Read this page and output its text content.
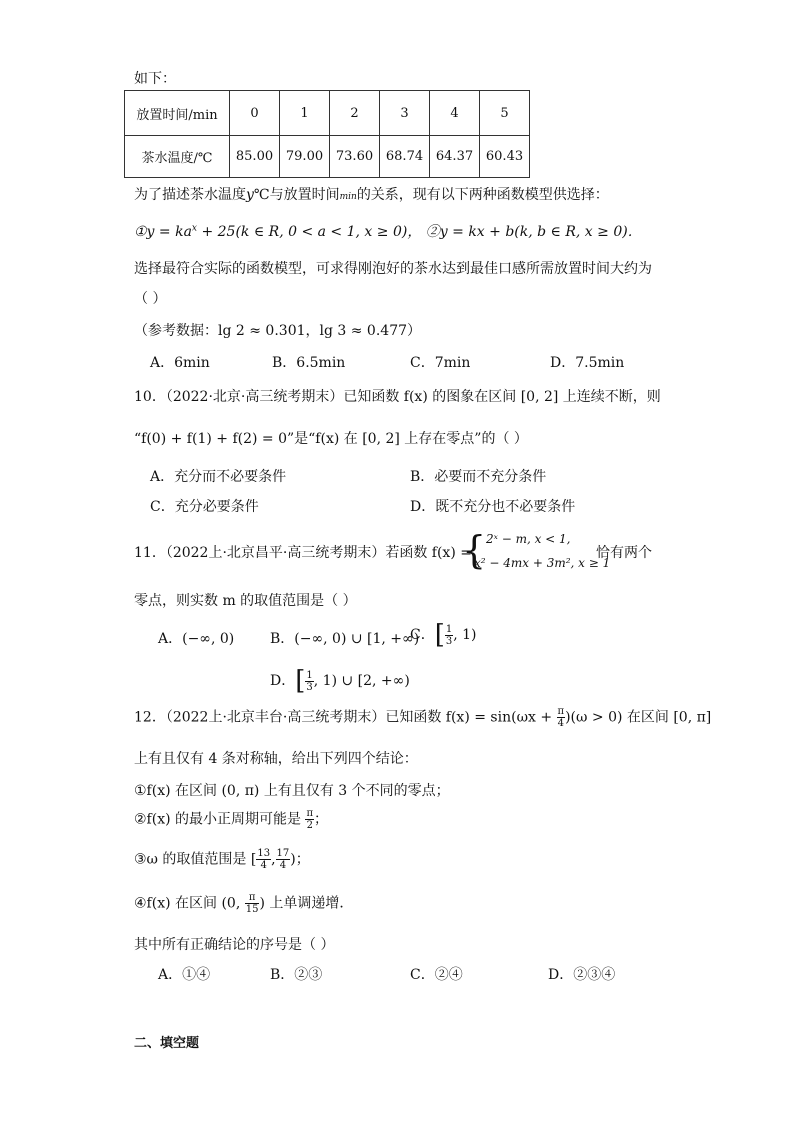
如下：
放置时间/min	0	1	2	3	4	5
茶水温度/℃	85.00	79.00	73.60	68.74	64.37	60.43
为了描述茶水温度y℃与放置时间min的关系，现有以下两种函数模型供选择：
①y = $ka^x + 25(k$ ∈ R, 0 < a < 1, x ≥ 0)， ②y = kx + b(k, b ∈ R, x ≥ 0)．
选择最符合实际的函数模型，可求得刚泡好的茶水达到最佳口感所需放置时间大约为
（ ）
（参考数据：lg 2 ≈ 0.301，lg 3 ≈ 0.477）
A．6min	B．6.5min	C．7min	D．7.5min
10．（2022·北京·高三统考期末）已知函数 f(x) 的图象在区间 [0, 2] 上连续不断，则
“f(0) + f(1) + f(2) = 0”是“f(x) 在 [0, 2] 上存在零点”的（ ）
A．充分而不必要条件	B．必要而不充分条件
C．充分必要条件	D．既不充分也不必要条件
11．（2022上·北京昌平·高三统考期末）若函数 f(x) =
{ 2ˣ − m, x < 1,
x² − 4mx + 3m², x ≥ 1
恰有两个
零点，则实数 m 的取值范围是（ ）
A．(−∞, 0)	B．(−∞, 0) ∪ [1, +∞)
C．[ $\frac{1}{3}$ , 1)
D．[ $\frac{1}{3}$ , 1) ∪ [2, +∞)
12．（2022上·北京丰台·高三统考期末）已知函数 $f(x) = \sin(\omega x + \frac{\pi}{4} )(\omega > 0)$ 在区间 [0, π]
上有且仅有 4 条对称轴，给出下列四个结论：
①f(x) 在区间 (0, π) 上有且仅有 3 个不同的零点；
②f(x) 的最小正周期可能是 $\frac{\pi}{2}$ ；
③ω 的取值范围是 [ $\frac{13}{4}$ , $\frac{17}{4}$ )；
④f(x) 在区间 (0, $\frac{\pi}{15}$ ) 上单调递增．
其中所有正确结论的序号是（ ）
A．①④	B．②③	C．②④	D．②③④
二、填空题
